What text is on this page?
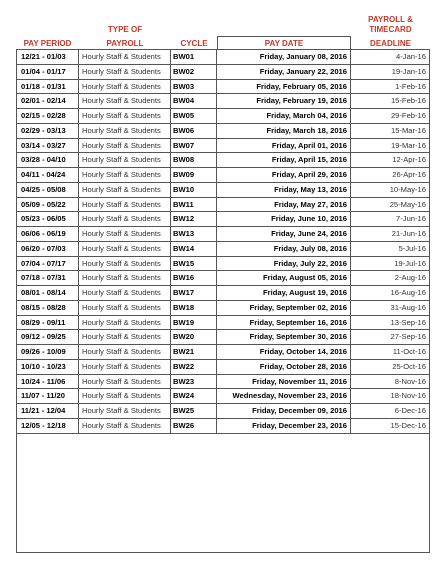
PAY PERIOD
TYPE OF
PAYROLL	CYCLE	PAY DATE
PAYROLL &
TIMECARD
DEADLINE
12/21 - 01/03	Hourly Staff & Students	BW01	Friday, January 08, 2016	4-Jan-16
01/04 - 01/17	Hourly Staff & Students	BW02	Friday, January 22, 2016	19-Jan-16
01/18 - 01/31	Hourly Staff & Students	BW03	Friday, February 05, 2016	1-Feb-16
02/01 - 02/14	Hourly Staff & Students	BW04	Friday, February 19, 2016	15-Feb-16
02/15 - 02/28	Hourly Staff & Students	BW05	Friday, March 04, 2016	29-Feb-16
02/29 - 03/13	Hourly Staff & Students	BW06	Friday, March 18, 2016	15-Mar-16
03/14 - 03/27	Hourly Staff & Students	BW07	Friday, April 01, 2016	19-Mar-16
03/28 - 04/10	Hourly Staff & Students	BW08	Friday, April 15, 2016	12-Apr-16
04/11 - 04/24	Hourly Staff & Students	BW09	Friday, April 29, 2016	26-Apr-16
04/25 - 05/08	Hourly Staff & Students	BW10	Friday, May 13, 2016	10-May-16
05/09 - 05/22	Hourly Staff & Students	BW11	Friday, May 27, 2016	25-May-16
05/23 - 06/05	Hourly Staff & Students	BW12	Friday, June 10, 2016	7-Jun-16
06/06 - 06/19	Hourly Staff & Students	BW13	Friday, June 24, 2016	21-Jun-16
06/20 - 07/03	Hourly Staff & Students	BW14	Friday, July 08, 2016	5-Jul-16
07/04 - 07/17	Hourly Staff & Students	BW15	Friday, July 22, 2016	19-Jul-16
07/18 - 07/31	Hourly Staff & Students	BW16	Friday, August 05, 2016	2-Aug-16
08/01 - 08/14	Hourly Staff & Students	BW17	Friday, August 19, 2016	16-Aug-16
08/15 - 08/28	Hourly Staff & Students	BW18	Friday, September 02, 2016	31-Aug-16
08/29 - 09/11	Hourly Staff & Students	BW19	Friday, September 16, 2016	13-Sep-16
09/12 - 09/25	Hourly Staff & Students	BW20	Friday, September 30, 2016	27-Sep-16
09/26 - 10/09	Hourly Staff & Students	BW21	Friday, October 14, 2016	11-Oct-16
10/10 - 10/23	Hourly Staff & Students	BW22	Friday, October 28, 2016	25-Oct-16
10/24 - 11/06	Hourly Staff & Students	BW23	Friday, November 11, 2016	8-Nov-16
11/07 - 11/20	Hourly Staff & Students	BW24	Wednesday, November 23, 2016	18-Nov-16
11/21 - 12/04	Hourly Staff & Students	BW25	Friday, December 09, 2016	6-Dec-16
12/05 - 12/18	Hourly Staff & Students	BW26	Friday, December 23, 2016	15-Dec-16
